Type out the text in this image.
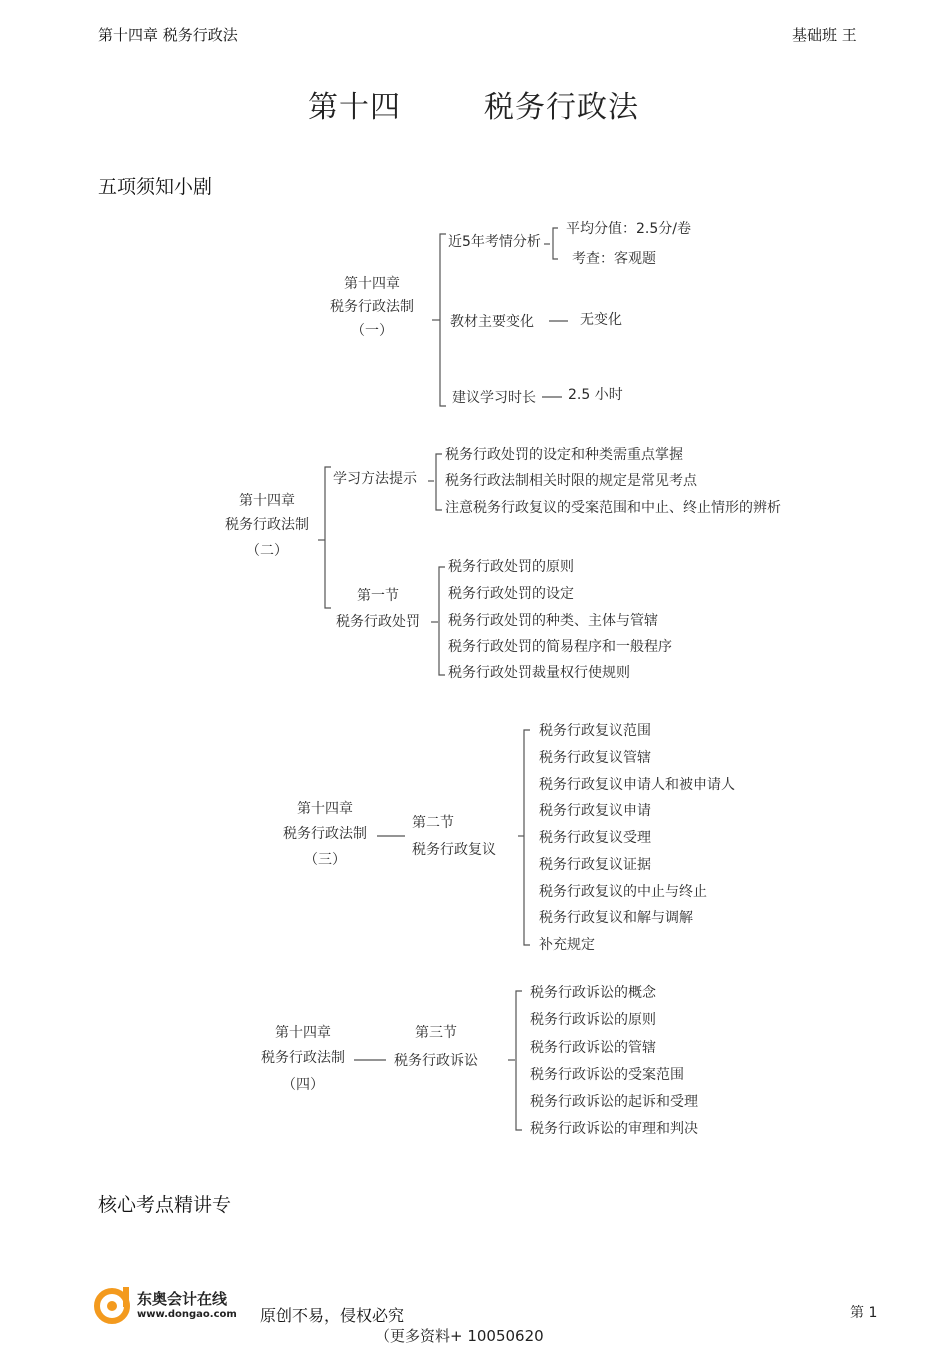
第十四章 税务行政法	基础班 王
第十四	税务行政法
五项须知小剧
第十四章
税务行政法制
（一）
近5年考情分析
平均分值：2.5分/卷
考查：客观题
教材主要变化	无变化
建议学习时长 2.5 小时
第十四章
税务行政法制
（二）
学习方法提示
税务行政处罚的设定和种类需重点掌握
税务行政法制相关时限的规定是常见考点
注意税务行政复议的受案范围和中止、终止情形的辨析
第一节
税务行政处罚
税务行政处罚的原则
税务行政处罚的设定
税务行政处罚的种类、主体与管辖
税务行政处罚的简易程序和一般程序
税务行政处罚裁量权行使规则
第十四章
税务行政法制
（三）
第二节
税务行政复议
税务行政复议范围
税务行政复议管辖
税务行政复议申请人和被申请人
税务行政复议申请
税务行政复议受理
税务行政复议证据
税务行政复议的中止与终止
税务行政复议和解与调解
补充规定
第十四章
税务行政法制
（四）
第三节
税务行政诉讼
税务行政诉讼的概念
税务行政诉讼的原则
税务行政诉讼的管辖
税务行政诉讼的受案范围
税务行政诉讼的起诉和受理
税务行政诉讼的审理和判决
核心考点精讲专
东奥会计在线
www.dongao.com 原创不易，侵权必究
（更多资料+ 10050620
第 1
